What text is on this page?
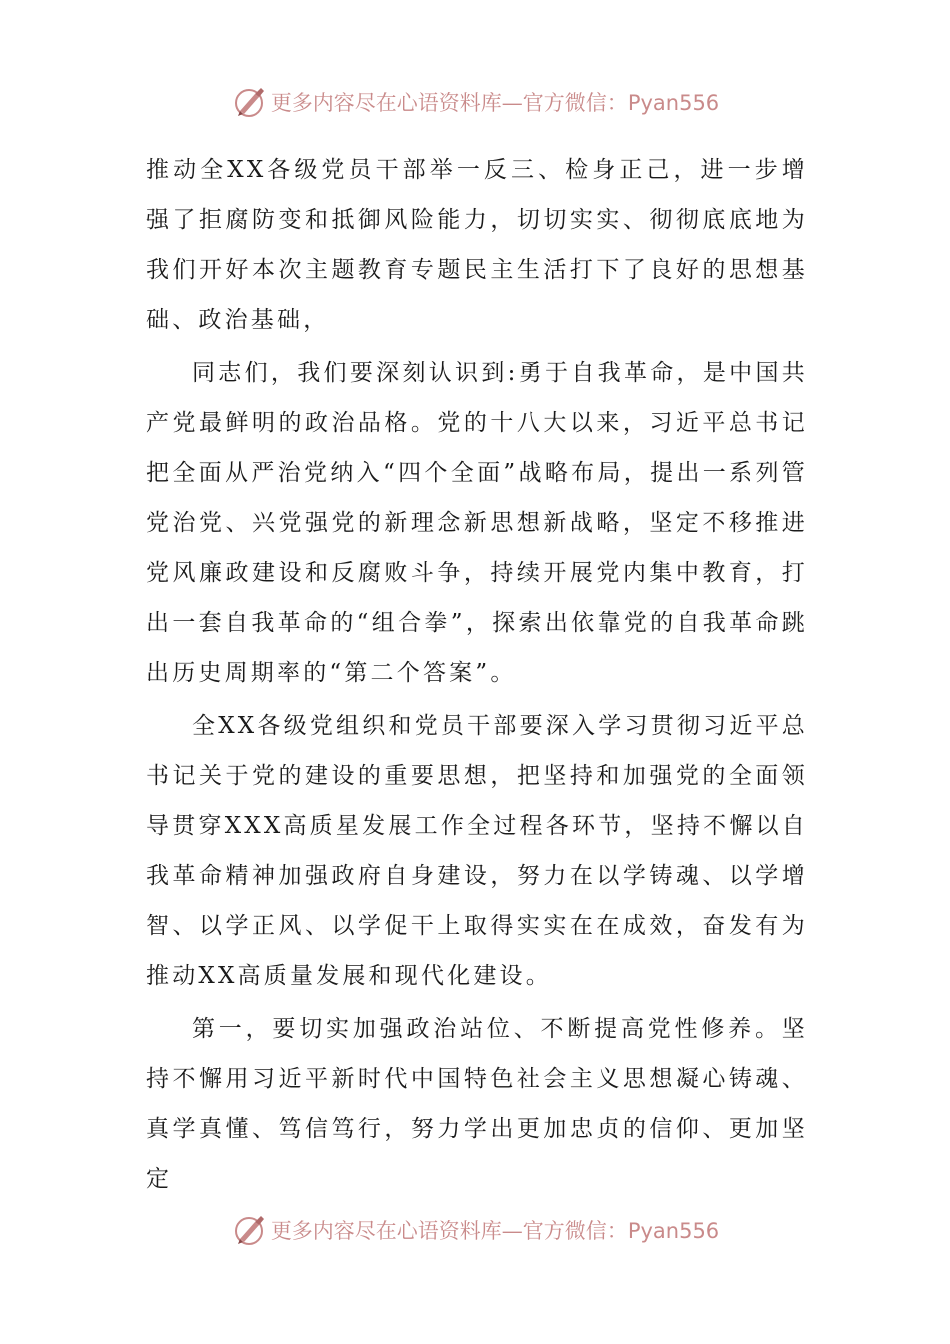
更多内容尽在心语资料库—官方微信：Pyan556

推动全XX各级党员干部举一反三、检身正己，进一步增强了拒腐防变和抵御风险能力，切切实实、彻彻底底地为我们开好本次主题教育专题民主生活打下了良好的思想基础、政治基础，

同志们，我们要深刻认识到:勇于自我革命，是中国共产党最鲜明的政治品格。党的十八大以来，习近平总书记把全面从严治党纳入“四个全面”战略布局，提出一系列管党治党、兴党强党的新理念新思想新战略，坚定不移推进党风廉政建设和反腐败斗争，持续开展党内集中教育，打出一套自我革命的“组合拳”，探索出依靠党的自我革命跳出历史周期率的“第二个答案”。

全XX各级党组织和党员干部要深入学习贯彻习近平总书记关于党的建设的重要思想，把坚持和加强党的全面领导贯穿XXX高质星发展工作全过程各环节，坚持不懈以自我革命精神加强政府自身建设，努力在以学铸魂、以学增智、以学正风、以学促干上取得实实在在成效，奋发有为推动XX高质量发展和现代化建设。

第一，要切实加强政治站位、不断提高党性修养。坚持不懈用习近平新时代中国特色社会主义思想凝心铸魂、真学真懂、笃信笃行，努力学出更加忠贞的信仰、更加坚定

更多内容尽在心语资料库—官方微信：Pyan556
